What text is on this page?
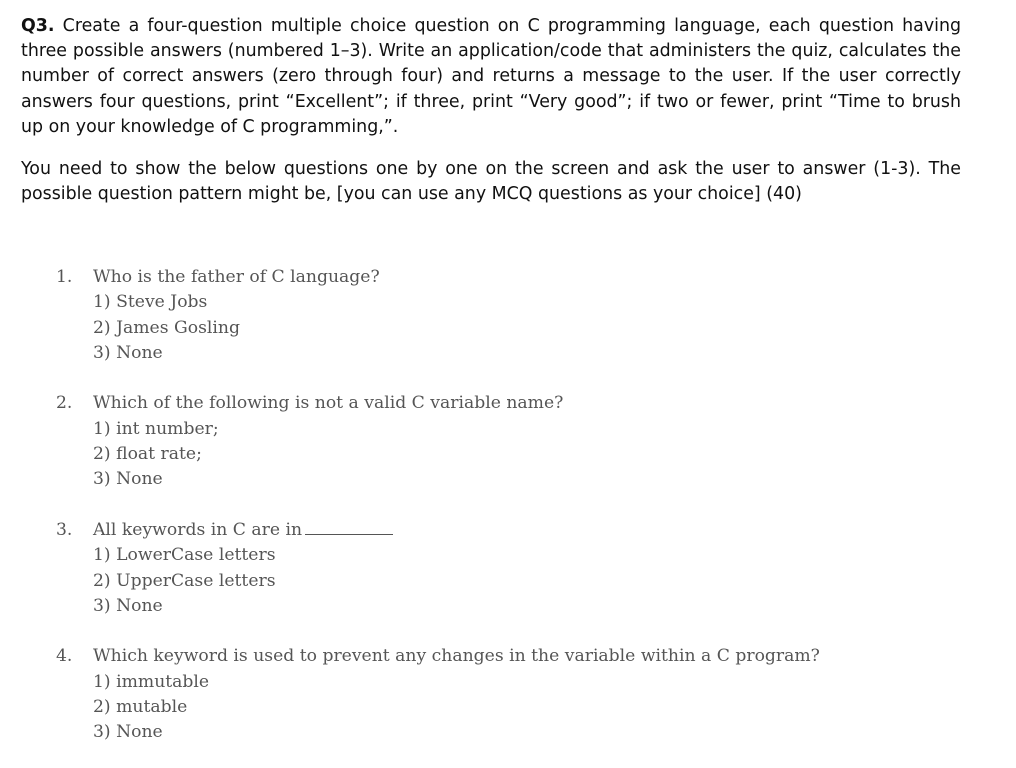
Q3. Create a four-question multiple choice question on C programming language, each question having three possible answers (numbered 1–3). Write an application/code that administers the quiz, calculates the number of correct answers (zero through four) and returns a message to the user. If the user correctly answers four questions, print “Excellent”; if three, print “Very good”; if two or fewer, print “Time to brush up on your knowledge of C programming,”.

You need to show the below questions one by one on the screen and ask the user to answer (1-3). The possible question pattern might be, [you can use any MCQ questions as your choice] (40)

1. Who is the father of C language?
1) Steve Jobs
2) James Gosling
3) None
2. Which of the following is not a valid C variable name?
1) int number;
2) float rate;
3) None
3. All keywords in C are in
1) LowerCase letters
2) UpperCase letters
3) None
4. Which keyword is used to prevent any changes in the variable within a C program?
1) immutable
2) mutable
3) None
